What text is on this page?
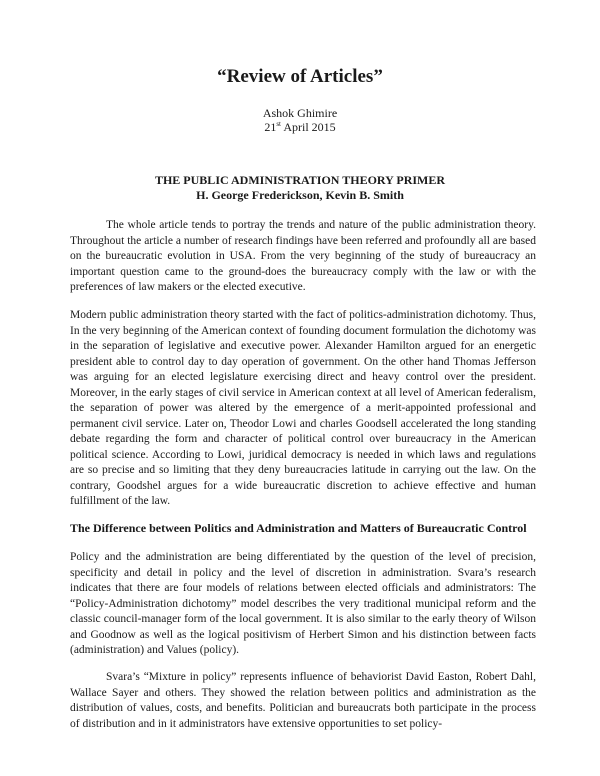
“Review of Articles”
Ashok Ghimire
21st April 2015
THE PUBLIC ADMINISTRATION THEORY PRIMER
H. George Frederickson, Kevin B. Smith

The whole article tends to portray the trends and nature of the public administration theory. Throughout the article a number of research findings have been referred and profoundly all are based on the bureaucratic evolution in USA. From the very beginning of the study of bureaucracy an important question came to the ground-does the bureaucracy comply with the law or with the preferences of law makers or the elected executive.

Modern public administration theory started with the fact of politics-administration dichotomy. Thus, In the very beginning of the American context of founding document formulation the dichotomy was in the separation of legislative and executive power. Alexander Hamilton argued for an energetic president able to control day to day operation of government. On the other hand Thomas Jefferson was arguing for an elected legislature exercising direct and heavy control over the president. Moreover, in the early stages of civil service in American context at all level of American federalism, the separation of power was altered by the emergence of a merit-appointed professional and permanent civil service. Later on, Theodor Lowi and charles Goodsell accelerated the long standing debate regarding the form and character of political control over bureaucracy in the American political science. According to Lowi, juridical democracy is needed in which laws and regulations are so precise and so limiting that they deny bureaucracies latitude in carrying out the law. On the contrary, Goodshel argues for a wide bureaucratic discretion to achieve effective and human fulfillment of the law.

The Difference between Politics and Administration and Matters of Bureaucratic Control

Policy and the administration are being differentiated by the question of the level of precision, specificity and detail in policy and the level of discretion in administration. Svara’s research indicates that there are four models of relations between elected officials and administrators: The “Policy-Administration dichotomy” model describes the very traditional municipal reform and the classic council-manager form of the local government. It is also similar to the early theory of Wilson and Goodnow as well as the logical positivism of Herbert Simon and his distinction between facts (administration) and Values (policy).

Svara’s “Mixture in policy” represents influence of behaviorist David Easton, Robert Dahl, Wallace Sayer and others. They showed the relation between politics and administration as the distribution of values, costs, and benefits. Politician and bureaucrats both participate in the process of distribution and in it administrators have extensive opportunities to set policy-
